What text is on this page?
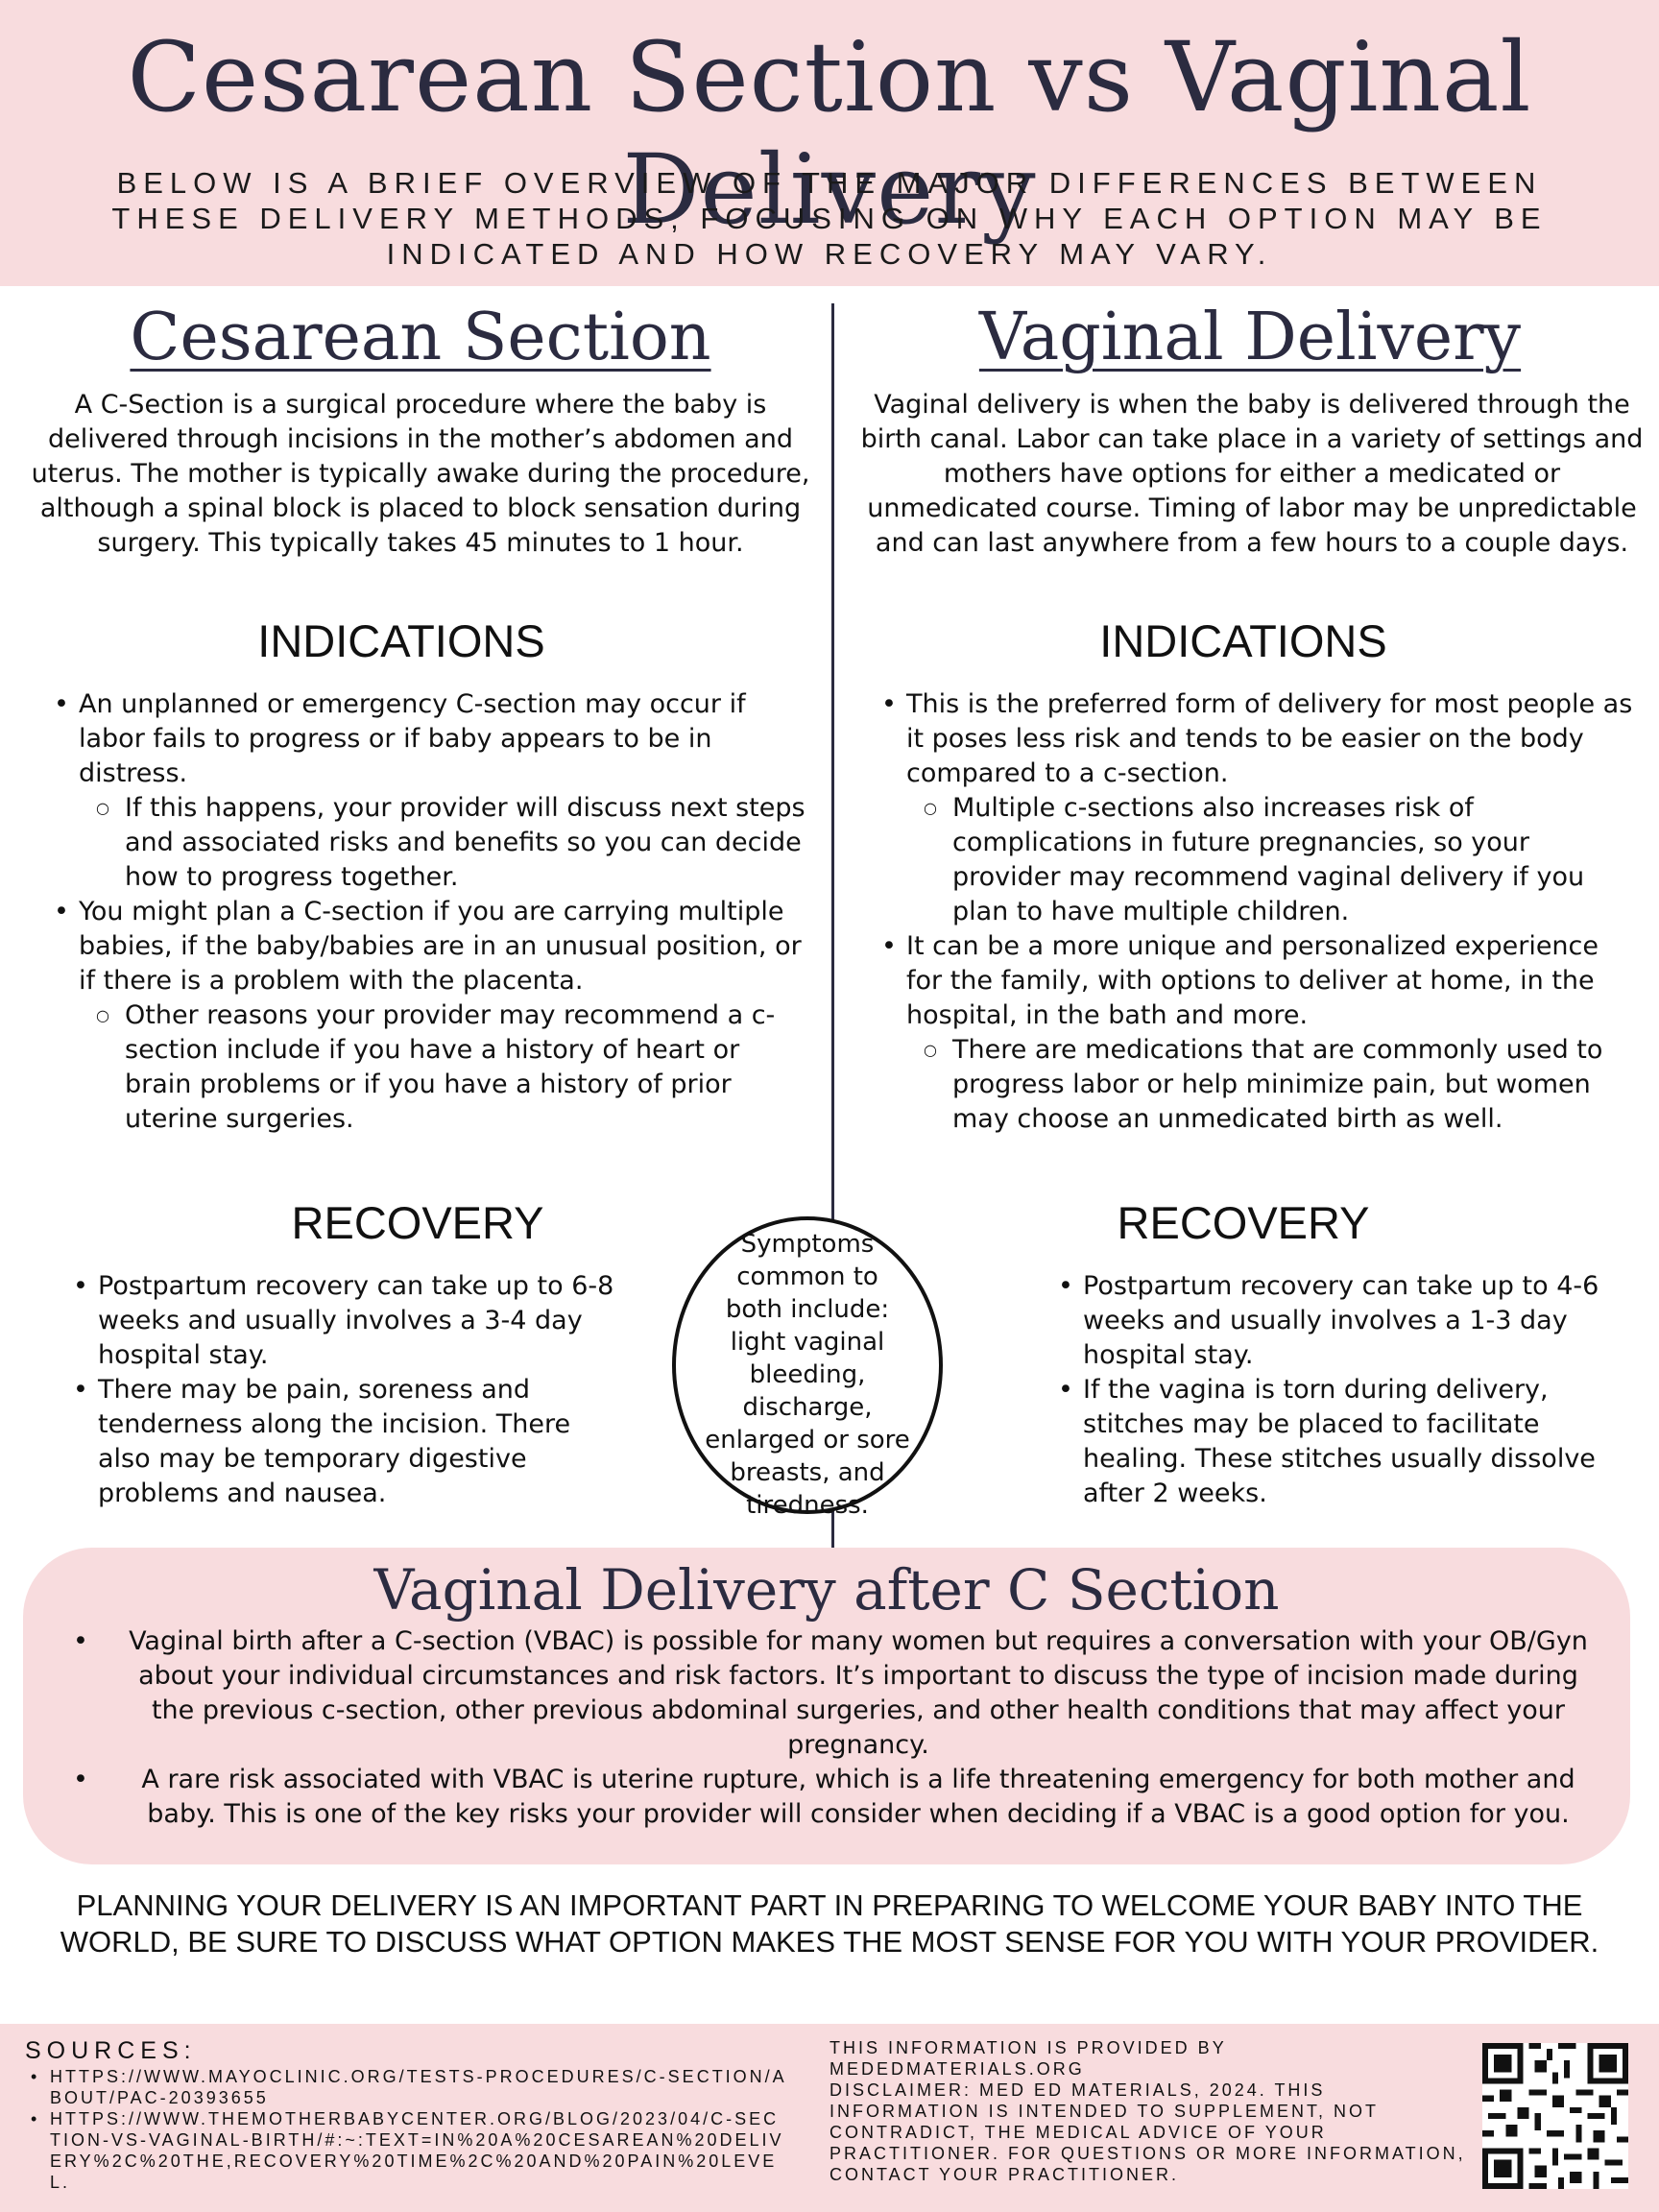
Cesarean Section vs Vaginal Delivery

BELOW IS A BRIEF OVERVIEW OF THE MAJOR DIFFERENCES BETWEEN THESE DELIVERY METHODS, FOCUSING ON WHY EACH OPTION MAY BE INDICATED AND HOW RECOVERY MAY VARY.

Cesarean Section

A C-Section is a surgical procedure where the baby is delivered through incisions in the mother’s abdomen and uterus. The mother is typically awake during the procedure, although a spinal block is placed to block sensation during surgery. This typically takes 45 minutes to 1 hour.

INDICATIONS
• An unplanned or emergency C-section may occur if labor fails to progress or if baby appears to be in distress.
○ If this happens, your provider will discuss next steps and associated risks and benefits so you can decide how to progress together.
• You might plan a C-section if you are carrying multiple babies, if the baby/babies are in an unusual position, or if there is a problem with the placenta.
○ Other reasons your provider may recommend a c-section include if you have a history of heart or brain problems or if you have a history of prior uterine surgeries.
RECOVERY
• Postpartum recovery can take up to 6-8 weeks and usually involves a 3-4 day hospital stay.
• There may be pain, soreness and tenderness along the incision. There also may be temporary digestive problems and nausea.
Vaginal Delivery

Vaginal delivery is when the baby is delivered through the birth canal. Labor can take place in a variety of settings and mothers have options for either a medicated or unmedicated course. Timing of labor may be unpredictable and can last anywhere from a few hours to a couple days.

INDICATIONS
• This is the preferred form of delivery for most people as it poses less risk and tends to be easier on the body compared to a c-section.
○ Multiple c-sections also increases risk of complications in future pregnancies, so your provider may recommend vaginal delivery if you plan to have multiple children.
• It can be a more unique and personalized experience for the family, with options to deliver at home, in the hospital, in the bath and more.
○ There are medications that are commonly used to progress labor or help minimize pain, but women may choose an unmedicated birth as well.
RECOVERY
• Postpartum recovery can take up to 4-6 weeks and usually involves a 1-3 day hospital stay.
• If the vagina is torn during delivery, stitches may be placed to facilitate healing. These stitches usually dissolve after 2 weeks.

Symptoms common to both include: light vaginal bleeding, discharge, enlarged or sore breasts, and tiredness.

Vaginal Delivery after C Section
• Vaginal birth after a C-section (VBAC) is possible for many women but requires a conversation with your OB/Gyn about your individual circumstances and risk factors. It’s important to discuss the type of incision made during the previous c-section, other previous abdominal surgeries, and other health conditions that may affect your pregnancy.
• A rare risk associated with VBAC is uterine rupture, which is a life threatening emergency for both mother and baby. This is one of the key risks your provider will consider when deciding if a VBAC is a good option for you.

PLANNING YOUR DELIVERY IS AN IMPORTANT PART IN PREPARING TO WELCOME YOUR BABY INTO THE WORLD, BE SURE TO DISCUSS WHAT OPTION MAKES THE MOST SENSE FOR YOU WITH YOUR PROVIDER.

SOURCES:

• HTTPS://WWW.MAYOCLINIC.ORG/TESTS-PROCEDURES/C-SECTION/ABOUT/PAC-20393655
• HTTPS://WWW.THEMOTHERBABYCENTER.ORG/BLOG/2023/04/C-SECTION-VS-VAGINAL-BIRTH/#:~:TEXT=IN%20A%20CESAREAN%20DELIVERY%2C%20THE,RECOVERY%20TIME%2C%20AND%20PAIN%20LEVEL.

THIS INFORMATION IS PROVIDED BY MEDEDMATERIALS.ORG

DISCLAIMER: MED ED MATERIALS, 2024. THIS INFORMATION IS INTENDED TO SUPPLEMENT, NOT CONTRADICT, THE MEDICAL ADVICE OF YOUR PRACTITIONER. FOR QUESTIONS OR MORE INFORMATION, CONTACT YOUR PRACTITIONER.
